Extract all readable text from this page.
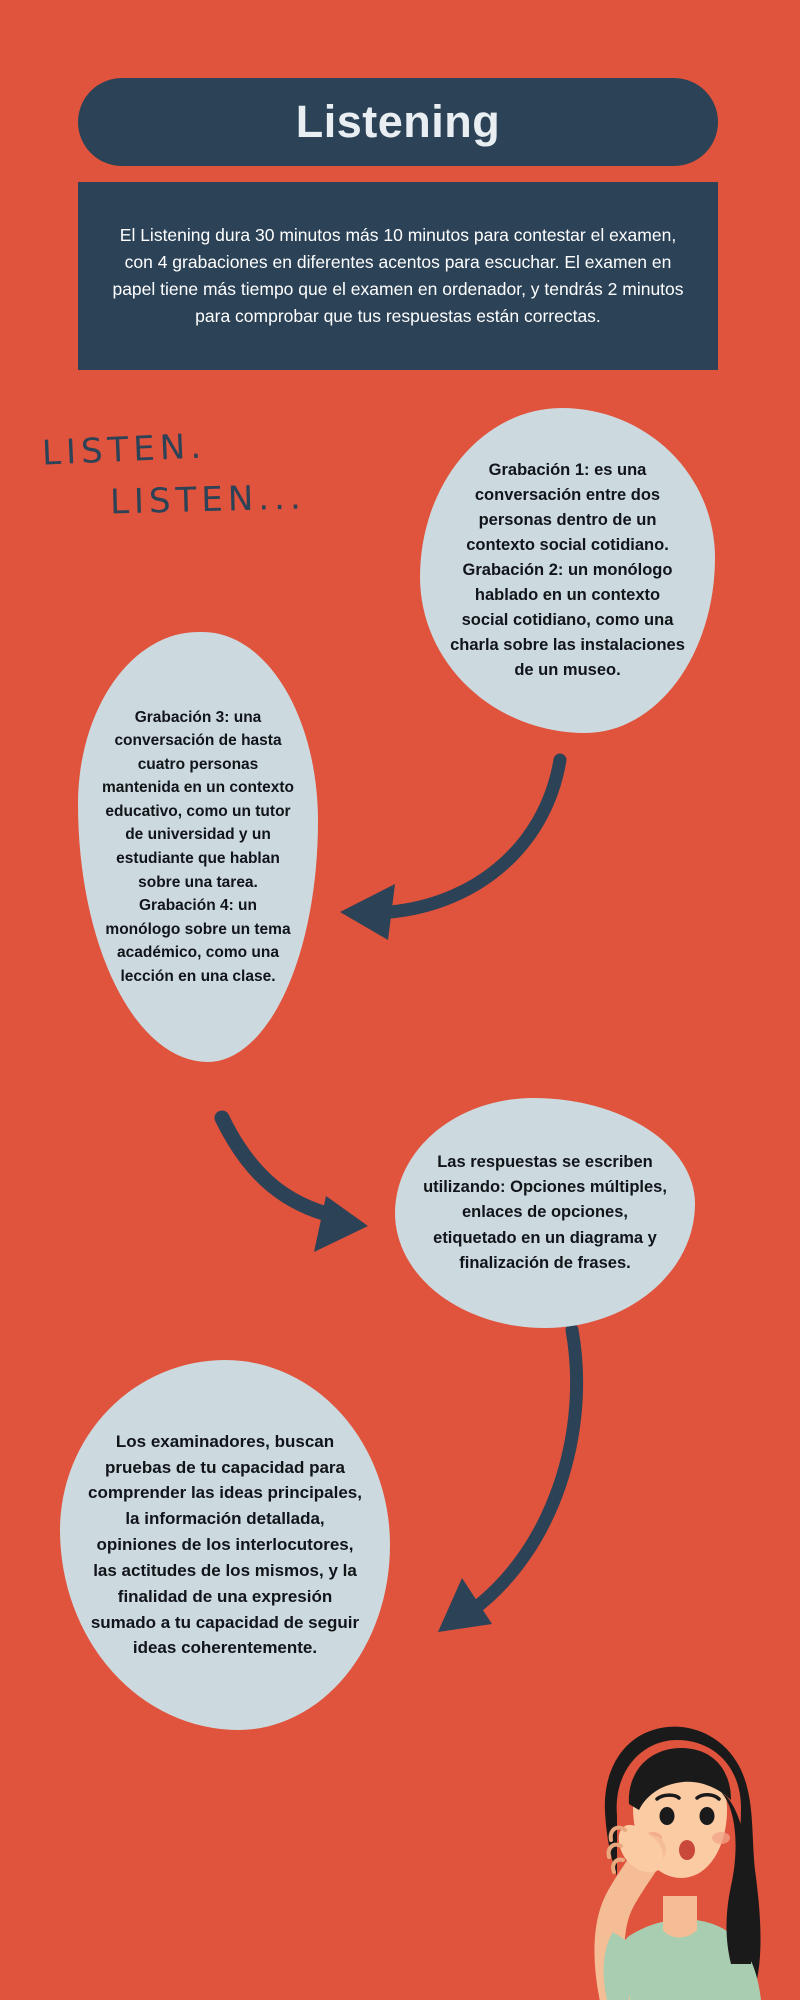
Listening

El Listening dura 30 minutos más 10 minutos para contestar el examen, con 4 grabaciones en diferentes acentos para escuchar. El examen en papel tiene más tiempo que el examen en ordenador, y tendrás 2 minutos para comprobar que tus respuestas están correctas.

LISTEN.
LISTEN...
Grabación 1: es una conversación entre dos personas dentro de un contexto social cotidiano. Grabación 2: un monólogo hablado en un contexto social cotidiano, como una charla sobre las instalaciones de un museo.
Grabación 3: una conversación de hasta cuatro personas mantenida en un contexto educativo, como un tutor de universidad y un estudiante que hablan sobre una tarea. Grabación 4: un monólogo sobre un tema académico, como una lección en una clase.
Las respuestas se escriben utilizando: Opciones múltiples, enlaces de opciones, etiquetado en un diagrama y finalización de frases.
Los examinadores, buscan pruebas de tu capacidad para comprender las ideas principales, la información detallada, opiniones de los interlocutores, las actitudes de los mismos, y la finalidad de una expresión sumado a tu capacidad de seguir ideas coherentemente.
